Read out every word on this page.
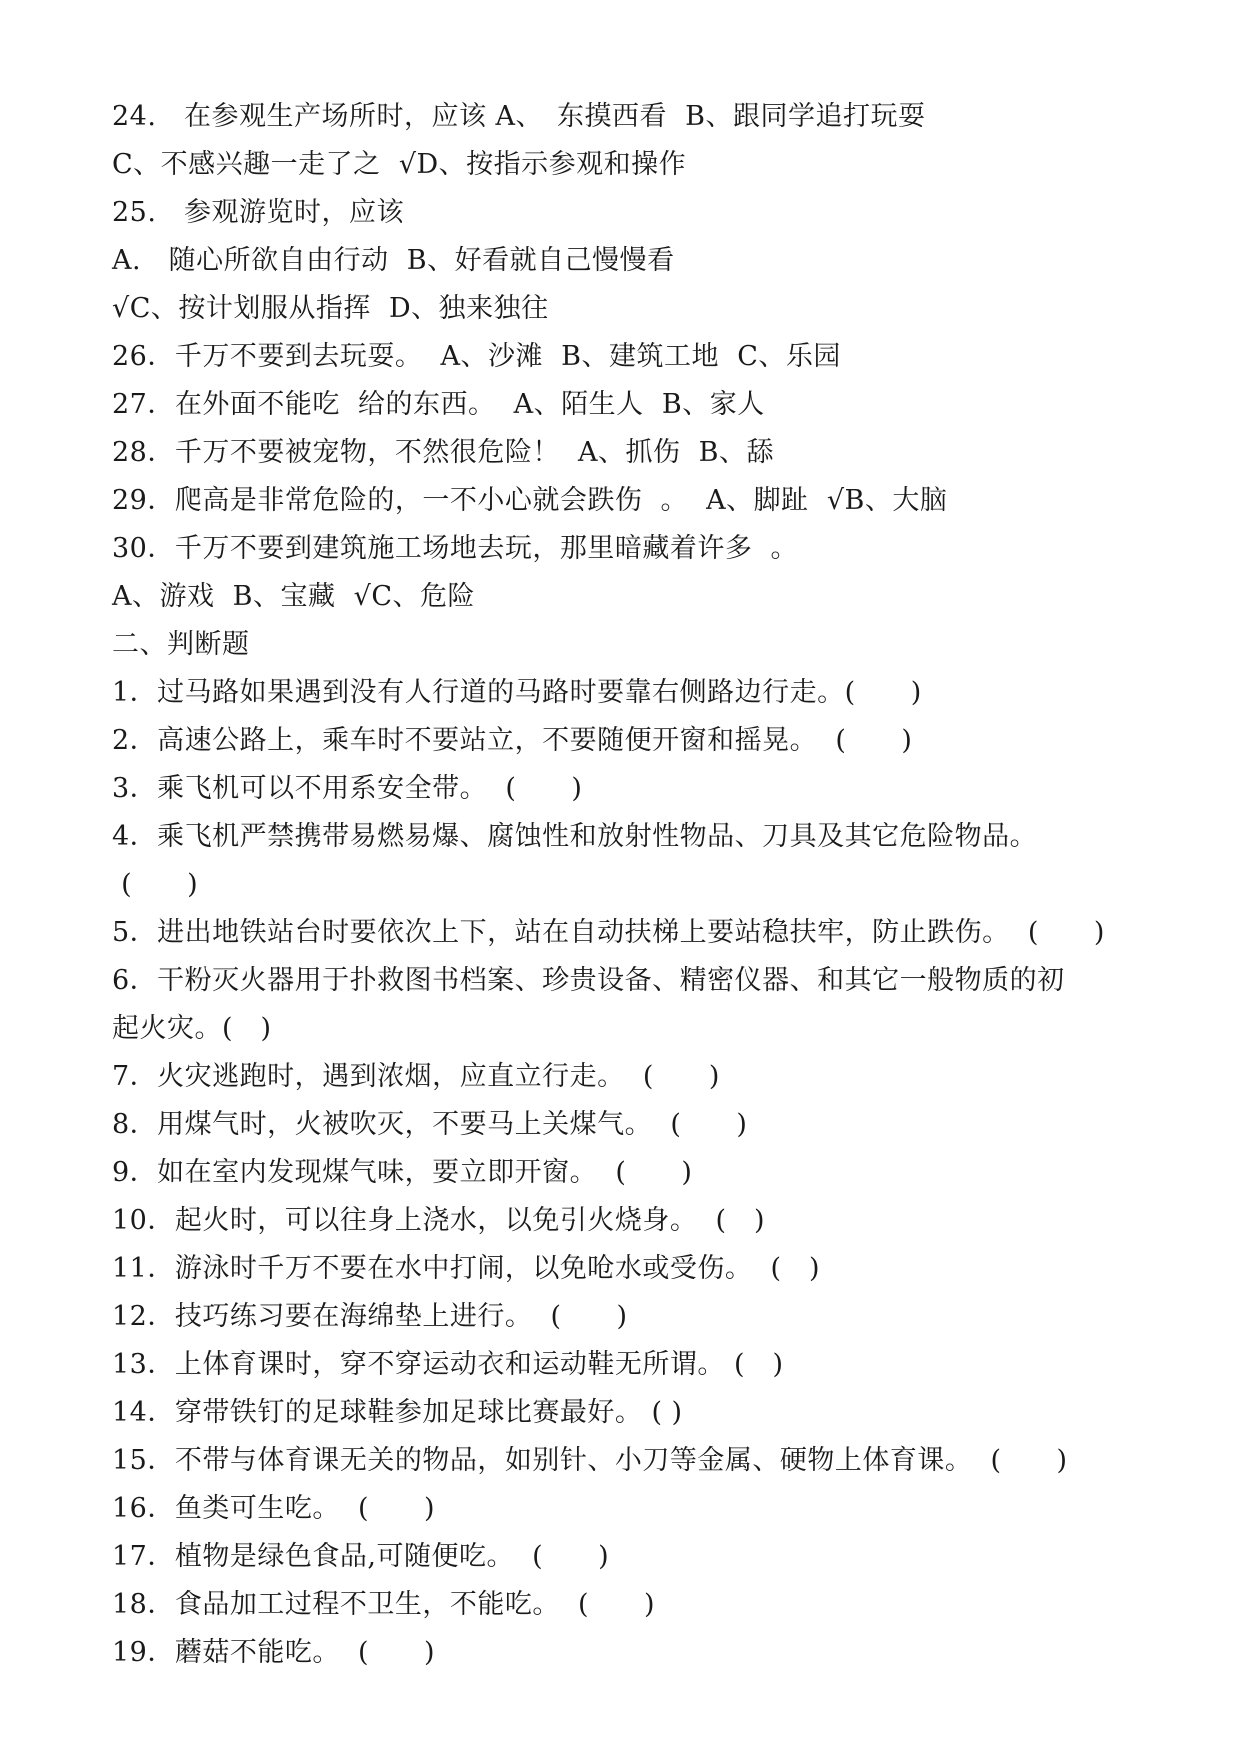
24.　在参观生产场所时，应该 A、　东摸西看  B、跟同学追打玩耍
C、不感兴趣一走了之  √D、按指示参观和操作
25.　参观游览时，应该
A.　随心所欲自由行动  B、好看就自己慢慢看
√C、按计划服从指挥  D、独来独往
26．千万不要到去玩耍。  A、沙滩  B、建筑工地  C、乐园
27．在外面不能吃  给的东西。  A、陌生人  B、家人
28．千万不要被宠物，不然很危险！  A、抓伤  B、舔
29．爬高是非常危险的，一不小心就会跌伤  。  A、脚趾  √B、大脑
30．千万不要到建筑施工场地去玩，那里暗藏着许多  。
A、游戏  B、宝藏  √C、危险
二、判断题
1．过马路如果遇到没有人行道的马路时要靠右侧路边行走。(　　)
2．高速公路上，乘车时不要站立，不要随便开窗和摇晃。  (　　)
3．乘飞机可以不用系安全带。  (　　)
4．乘飞机严禁携带易燃易爆、腐蚀性和放射性物品、刀具及其它危险物品。
(　　)
5．进出地铁站台时要依次上下，站在自动扶梯上要站稳扶牢，防止跌伤。  (　　)
6．干粉灭火器用于扑救图书档案、珍贵设备、精密仪器、和其它一般物质的初
起火灾。(　)
7．火灾逃跑时，遇到浓烟，应直立行走。  (　　)
8．用煤气时，火被吹灭，不要马上关煤气。  (　　)
9．如在室内发现煤气味，要立即开窗。  (　　)
10．起火时，可以往身上浇水，以免引火烧身。  (　)
11．游泳时千万不要在水中打闹，以免呛水或受伤。  (　)
12．技巧练习要在海绵垫上进行。  (　　)
13．上体育课时，穿不穿运动衣和运动鞋无所谓。 (　)
14．穿带铁钉的足球鞋参加足球比赛最好。 ( )
15．不带与体育课无关的物品，如别针、小刀等金属、硬物上体育课。  (　　)
16．鱼类可生吃。  (　　)
17．植物是绿色食品,可随便吃。  (　　)
18．食品加工过程不卫生，不能吃。  (　　)
19．蘑菇不能吃。  (　　)
